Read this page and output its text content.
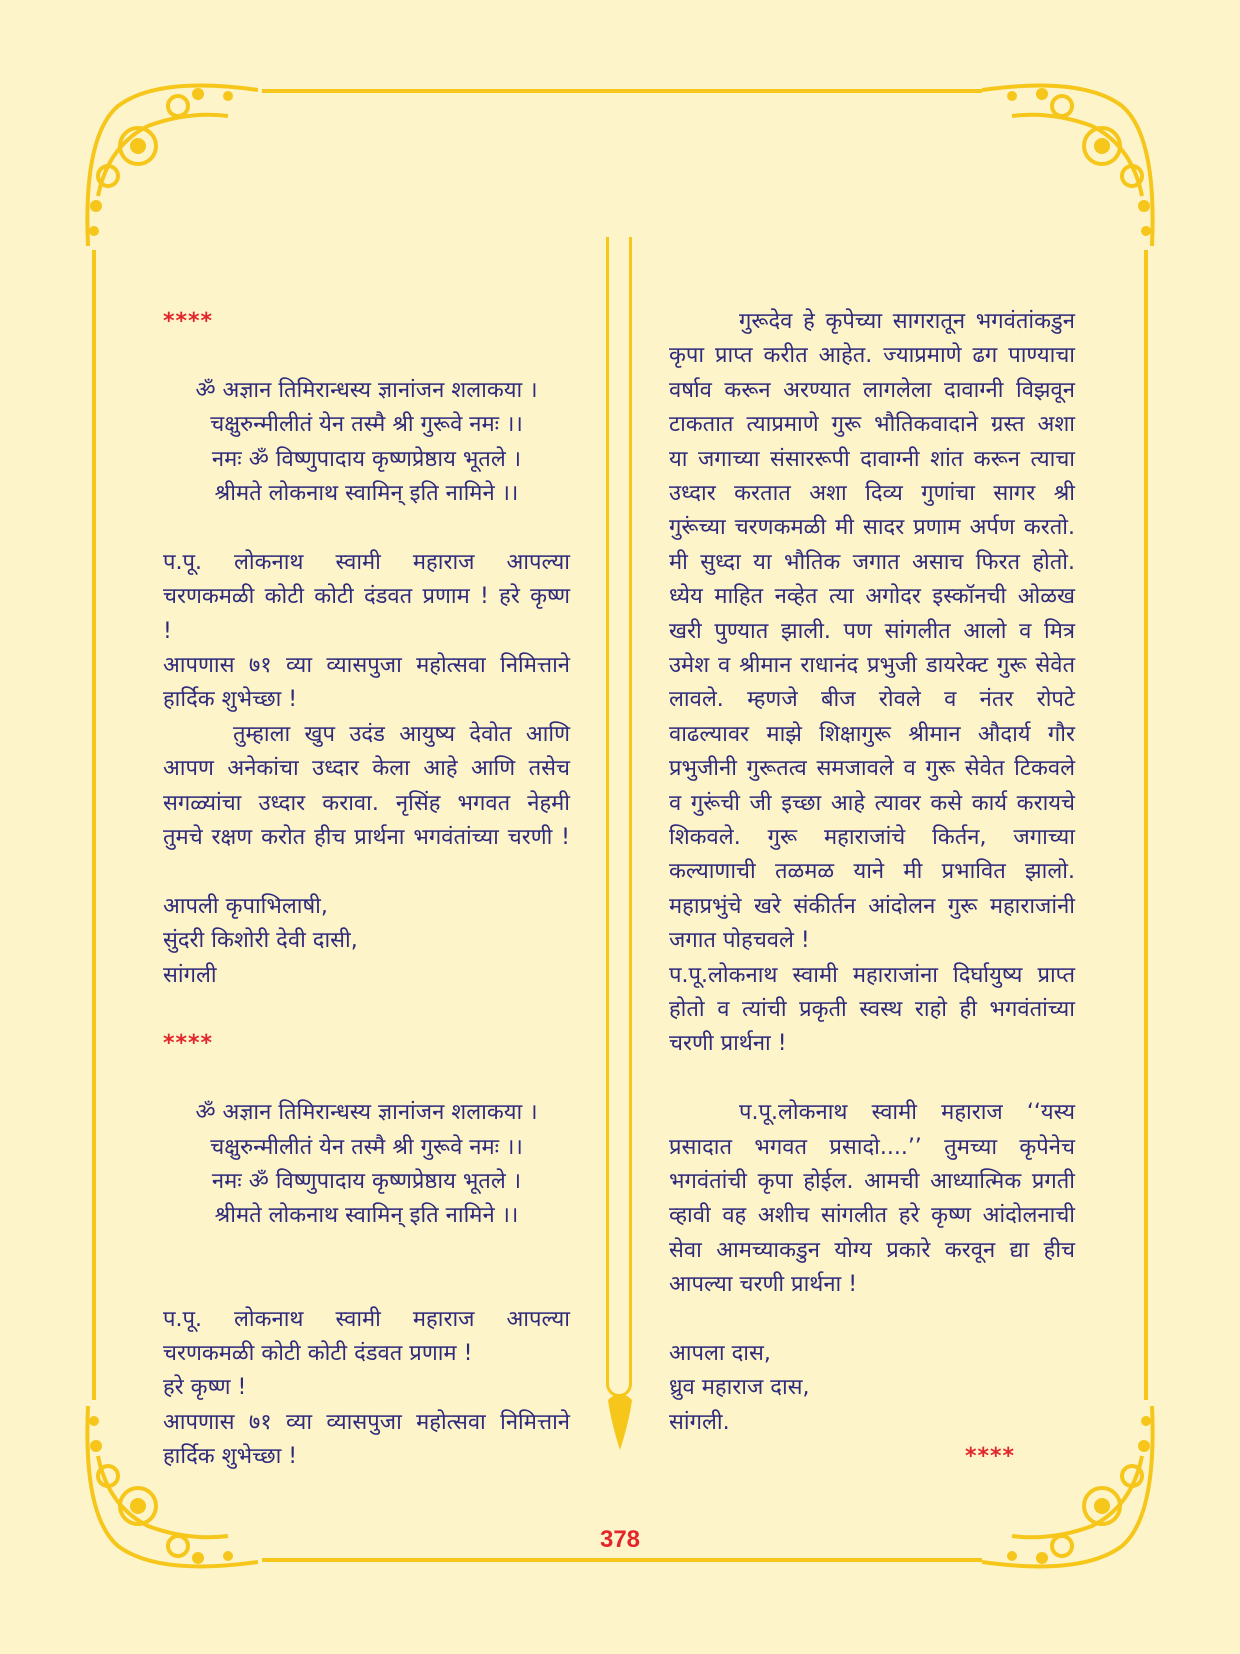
****
ॐ अज्ञान तिमिरान्धस्य ज्ञानांजन शलाकया ।
चक्षुरुन्मीलीतं येन तस्मै श्री गुरूवे नमः ।।
नमः ॐ विष्णुपादाय कृष्णप्रेष्ठाय भूतले ।
श्रीमते लोकनाथ स्वामिन् इति नामिने ।।
प.पू. लोकनाथ स्वामी महाराज आपल्या
चरणकमळी कोटी कोटी दंडवत प्रणाम ! हरे कृष्ण
!
आपणास ७१ व्या व्यासपुजा महोत्सवा निमित्ताने
हार्दिक शुभेच्छा !
तुम्हाला खुप उदंड आयुष्य देवोत आणि
आपण अनेकांचा उध्दार केला आहे आणि तसेच
सगळ्यांचा उध्दार करावा. नृसिंह भगवत नेहमी
तुमचे रक्षण करोत हीच प्रार्थना भगवंतांच्या चरणी !
आपली कृपाभिलाषी,
सुंदरी किशोरी देवी दासी,
सांगली
****
ॐ अज्ञान तिमिरान्धस्य ज्ञानांजन शलाकया ।
चक्षुरुन्मीलीतं येन तस्मै श्री गुरूवे नमः ।।
नमः ॐ विष्णुपादाय कृष्णप्रेष्ठाय भूतले ।
श्रीमते लोकनाथ स्वामिन् इति नामिने ।।
प.पू. लोकनाथ स्वामी महाराज आपल्या
चरणकमळी कोटी कोटी दंडवत प्रणाम !
हरे कृष्ण !
आपणास ७१ व्या व्यासपुजा महोत्सवा निमित्ताने
हार्दिक शुभेच्छा !
गुरूदेव हे कृपेच्या सागरातून भगवंतांकडुन
कृपा प्राप्त करीत आहेत. ज्याप्रमाणे ढग पाण्याचा
वर्षाव करून अरण्यात लागलेला दावाग्नी विझवून
टाकतात त्याप्रमाणे गुरू भौतिकवादाने ग्रस्त अशा
या जगाच्या संसाररूपी दावाग्नी शांत करून त्याचा
उध्दार करतात अशा दिव्य गुणांचा सागर श्री
गुरूंच्या चरणकमळी मी सादर प्रणाम अर्पण करतो.
मी सुध्दा या भौतिक जगात असाच फिरत होतो.
ध्येय माहित नव्हेत त्या अगोदर इस्कॉनची ओळख
खरी पुण्यात झाली. पण सांगलीत आलो व मित्र
उमेश व श्रीमान राधानंद प्रभुजी डायरेक्ट गुरू सेवेत
लावले. म्हणजे बीज रोवले व नंतर रोपटे
वाढल्यावर माझे शिक्षागुरू श्रीमान औदार्य गौर
प्रभुजीनी गुरूतत्व समजावले व गुरू सेवेत टिकवले
व गुरूंची जी इच्छा आहे त्यावर कसे कार्य करायचे
शिकवले. गुरू महाराजांचे किर्तन, जगाच्या
कल्याणाची तळमळ याने मी प्रभावित झालो.
महाप्रभुंचे खरे संकीर्तन आंदोलन गुरू महाराजांनी
जगात पोहचवले !
प.पू.लोकनाथ स्वामी महाराजांना दिर्घायुष्य प्राप्त
होतो व त्यांची प्रकृती स्वस्थ राहो ही भगवंतांच्या
चरणी प्रार्थना !
प.पू.लोकनाथ स्वामी महाराज ‘‘यस्य
प्रसादात भगवत प्रसादो....’’ तुमच्या कृपेनेच
भगवंतांची कृपा होईल. आमची आध्यात्मिक प्रगती
व्हावी वह अशीच सांगलीत हरे कृष्ण आंदोलनाची
सेवा आमच्याकडुन योग्य प्रकारे करवून द्या हीच
आपल्या चरणी प्रार्थना !
आपला दास,
ध्रुव महाराज दास,
सांगली.
****
378
